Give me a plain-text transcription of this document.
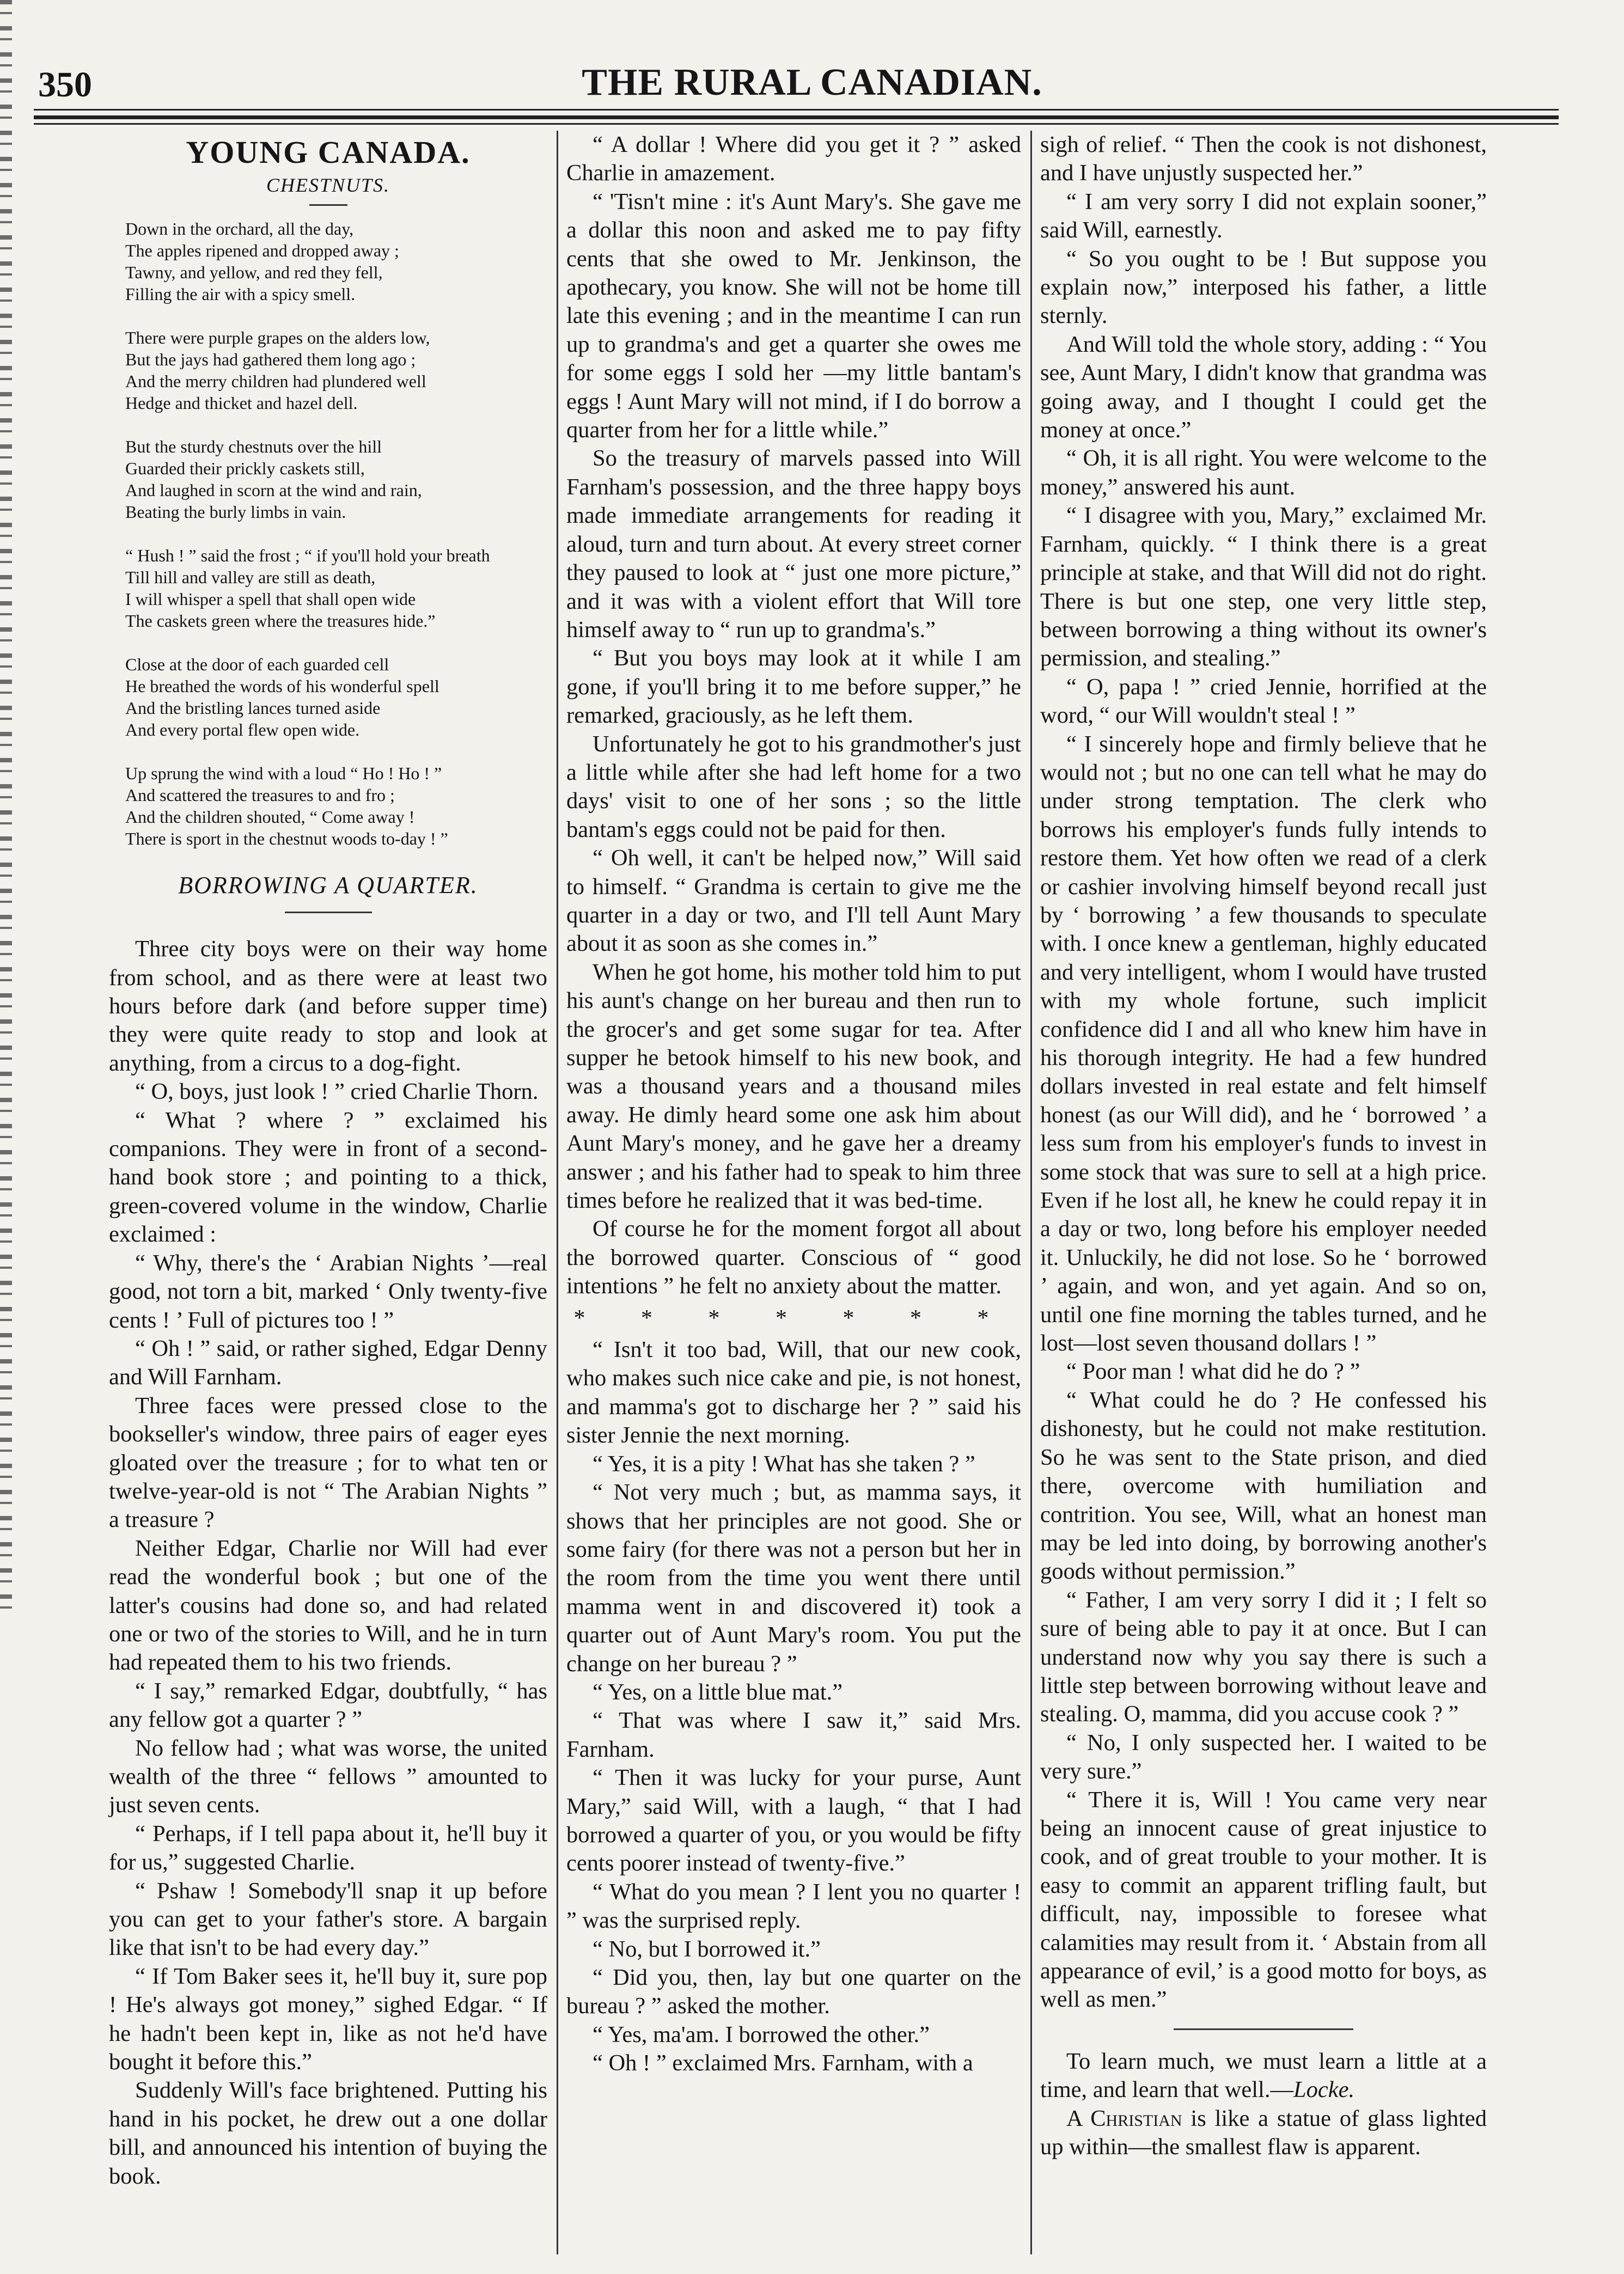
350	THE RURAL CANADIAN.
YOUNG CANADA.
CHESTNUTS.
Down in the orchard, all the day,
The apples ripened and dropped away ;
Tawny, and yellow, and red they fell,
Filling the air with a spicy smell.
There were purple grapes on the alders low,
But the jays had gathered them long ago ;
And the merry children had plundered well
Hedge and thicket and hazel dell.
But the sturdy chestnuts over the hill
Guarded their prickly caskets still,
And laughed in scorn at the wind and rain,
Beating the burly limbs in vain.
“ Hush ! ” said the frost ; “ if you'll hold your breath
Till hill and valley are still as death,
I will whisper a spell that shall open wide
The caskets green where the treasures hide.”
Close at the door of each guarded cell
He breathed the words of his wonderful spell
And the bristling lances turned aside
And every portal flew open wide.
Up sprung the wind with a loud “ Ho ! Ho ! ”
And scattered the treasures to and fro ;
And the children shouted, “ Come away !
There is sport in the chestnut woods to-day ! ”
BORROWING A QUARTER.

Three city boys were on their way home from school, and as there were at least two hours before dark (and before supper time) they were quite ready to stop and look at anything, from a circus to a dog-fight.

“ O, boys, just look ! ” cried Charlie Thorn.

“ What ? where ? ” exclaimed his companions. They were in front of a second-hand book store ; and pointing to a thick, green-covered volume in the window, Charlie exclaimed :

“ Why, there's the ‘ Arabian Nights ’—real good, not torn a bit, marked ‘ Only twenty-five cents ! ’ Full of pictures too ! ”

“ Oh ! ” said, or rather sighed, Edgar Denny and Will Farnham.

Three faces were pressed close to the bookseller's window, three pairs of eager eyes gloated over the treasure ; for to what ten or twelve-year-old is not “ The Arabian Nights ” a treasure ?

Neither Edgar, Charlie nor Will had ever read the wonderful book ; but one of the latter's cousins had done so, and had related one or two of the stories to Will, and he in turn had repeated them to his two friends.

“ I say,” remarked Edgar, doubtfully, “ has any fellow got a quarter ? ”

No fellow had ; what was worse, the united wealth of the three “ fellows ” amounted to just seven cents.

“ Perhaps, if I tell papa about it, he'll buy it for us,” suggested Charlie.

“ Pshaw ! Somebody'll snap it up before you can get to your father's store. A bargain like that isn't to be had every day.”

“ If Tom Baker sees it, he'll buy it, sure pop ! He's always got money,” sighed Edgar. “ If he hadn't been kept in, like as not he'd have bought it before this.”

Suddenly Will's face brightened. Putting his hand in his pocket, he drew out a one dollar bill, and announced his intention of buying the book.

“ A dollar ! Where did you get it ? ” asked Charlie in amazement.

“ 'Tisn't mine : it's Aunt Mary's. She gave me a dollar this noon and asked me to pay fifty cents that she owed to Mr. Jenkinson, the apothecary, you know. She will not be home till late this evening ; and in the meantime I can run up to grandma's and get a quarter she owes me for some eggs I sold her —my little bantam's eggs ! Aunt Mary will not mind, if I do borrow a quarter from her for a little while.”

So the treasury of marvels passed into Will Farnham's possession, and the three happy boys made immediate arrangements for reading it aloud, turn and turn about. At every street corner they paused to look at “ just one more picture,” and it was with a violent effort that Will tore himself away to “ run up to grandma's.”

“ But you boys may look at it while I am gone, if you'll bring it to me before supper,” he remarked, graciously, as he left them.

Unfortunately he got to his grandmother's just a little while after she had left home for a two days' visit to one of her sons ; so the little bantam's eggs could not be paid for then.

“ Oh well, it can't be helped now,” Will said to himself. “ Grandma is certain to give me the quarter in a day or two, and I'll tell Aunt Mary about it as soon as she comes in.”

When he got home, his mother told him to put his aunt's change on her bureau and then run to the grocer's and get some sugar for tea. After supper he betook himself to his new book, and was a thousand years and a thousand miles away. He dimly heard some one ask him about Aunt Mary's money, and he gave her a dreamy answer ; and his father had to speak to him three times before he realized that it was bed-time.

Of course he for the moment forgot all about the borrowed quarter. Conscious of “ good intentions ” he felt no anxiety about the matter.

* * * * * * *

“ Isn't it too bad, Will, that our new cook, who makes such nice cake and pie, is not honest, and mamma's got to discharge her ? ” said his sister Jennie the next morning.

“ Yes, it is a pity ! What has she taken ? ”

“ Not very much ; but, as mamma says, it shows that her principles are not good. She or some fairy (for there was not a person but her in the room from the time you went there until mamma went in and discovered it) took a quarter out of Aunt Mary's room. You put the change on her bureau ? ”

“ Yes, on a little blue mat.”

“ That was where I saw it,” said Mrs. Farnham.

“ Then it was lucky for your purse, Aunt Mary,” said Will, with a laugh, “ that I had borrowed a quarter of you, or you would be fifty cents poorer instead of twenty-five.”

“ What do you mean ? I lent you no quarter ! ” was the surprised reply.

“ No, but I borrowed it.”

“ Did you, then, lay but one quarter on the bureau ? ” asked the mother.

“ Yes, ma'am. I borrowed the other.”

“ Oh ! ” exclaimed Mrs. Farnham, with a

sigh of relief. “ Then the cook is not dishonest, and I have unjustly suspected her.”

“ I am very sorry I did not explain sooner,” said Will, earnestly.

“ So you ought to be ! But suppose you explain now,” interposed his father, a little sternly.

And Will told the whole story, adding : “ You see, Aunt Mary, I didn't know that grandma was going away, and I thought I could get the money at once.”

“ Oh, it is all right. You were welcome to the money,” answered his aunt.

“ I disagree with you, Mary,” exclaimed Mr. Farnham, quickly. “ I think there is a great principle at stake, and that Will did not do right. There is but one step, one very little step, between borrowing a thing without its owner's permission, and stealing.”

“ O, papa ! ” cried Jennie, horrified at the word, “ our Will wouldn't steal ! ”

“ I sincerely hope and firmly believe that he would not ; but no one can tell what he may do under strong temptation. The clerk who borrows his employer's funds fully intends to restore them. Yet how often we read of a clerk or cashier involving himself beyond recall just by ‘ borrowing ’ a few thousands to speculate with. I once knew a gentleman, highly educated and very intelligent, whom I would have trusted with my whole fortune, such implicit confidence did I and all who knew him have in his thorough integrity. He had a few hundred dollars invested in real estate and felt himself honest (as our Will did), and he ‘ borrowed ’ a less sum from his employer's funds to invest in some stock that was sure to sell at a high price. Even if he lost all, he knew he could repay it in a day or two, long before his employer needed it. Unluckily, he did not lose. So he ‘ borrowed ’ again, and won, and yet again. And so on, until one fine morning the tables turned, and he lost—lost seven thousand dollars ! ”

“ Poor man ! what did he do ? ”

“ What could he do ? He confessed his dishonesty, but he could not make restitution. So he was sent to the State prison, and died there, overcome with humiliation and contrition. You see, Will, what an honest man may be led into doing, by borrowing another's goods without permission.”

“ Father, I am very sorry I did it ; I felt so sure of being able to pay it at once. But I can understand now why you say there is such a little step between borrowing without leave and stealing. O, mamma, did you accuse cook ? ”

“ No, I only suspected her. I waited to be very sure.”

“ There it is, Will ! You came very near being an innocent cause of great injustice to cook, and of great trouble to your mother. It is easy to commit an apparent trifling fault, but difficult, nay, impossible to foresee what calamities may result from it. ‘ Abstain from all appearance of evil,’ is a good motto for boys, as well as men.”

To learn much, we must learn a little at a time, and learn that well.—Locke.

A Christian is like a statue of glass lighted up within—the smallest flaw is apparent.
